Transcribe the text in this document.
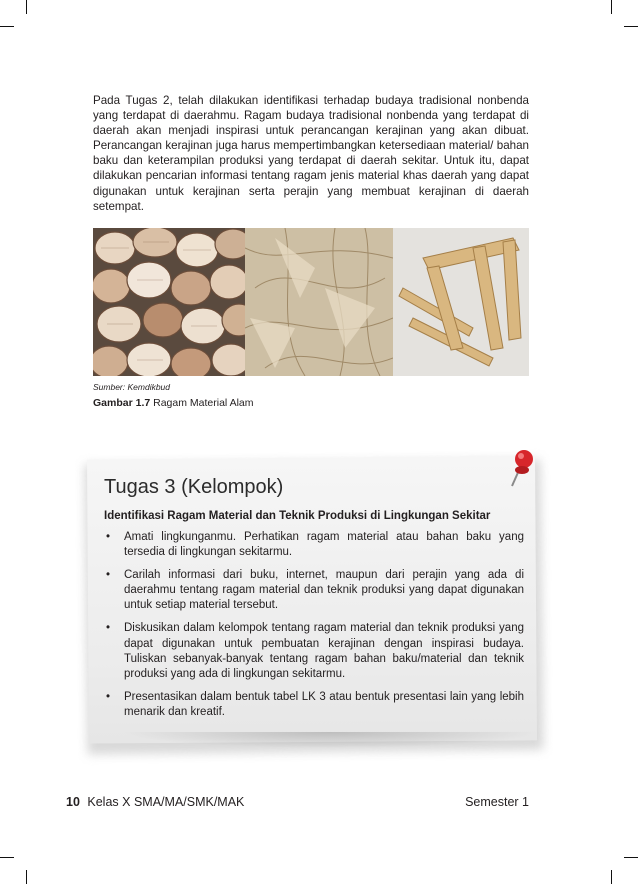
Pada Tugas 2, telah dilakukan identifikasi terhadap budaya tradisional nonbenda yang terdapat di daerahmu. Ragam budaya tradisional nonbenda yang terdapat di daerah akan menjadi inspirasi untuk perancangan kerajinan yang akan dibuat. Perancangan kerajinan juga harus mempertimbangkan ketersediaan material/ bahan baku dan keterampilan produksi yang terdapat di daerah sekitar. Untuk itu, dapat dilakukan pencarian informasi tentang ragam jenis material khas daerah yang dapat digunakan untuk kerajinan serta perajin yang membuat kerajinan di daerah setempat.

Sumber: Kemdikbud
Gambar 1.7 Ragam Material Alam
Tugas 3 (Kelompok)
Identifikasi Ragam Material dan Teknik Produksi di Lingkungan Sekitar
• Amati lingkunganmu. Perhatikan ragam material atau bahan baku yang tersedia di lingkungan sekitarmu.
• Carilah informasi dari buku, internet, maupun dari perajin yang ada di daerahmu tentang ragam material dan teknik produksi yang dapat digunakan untuk setiap material tersebut.
• Diskusikan dalam kelompok tentang ragam material dan teknik produksi yang dapat digunakan untuk pembuatan kerajinan dengan inspirasi budaya. Tuliskan sebanyak-banyak tentang ragam bahan baku/material dan teknik produksi yang ada di lingkungan sekitarmu.
• Presentasikan dalam bentuk tabel LK 3 atau bentuk presentasi lain yang lebih menarik dan kreatif.
10 Kelas X SMA/MA/SMK/MAK	Semester 1
